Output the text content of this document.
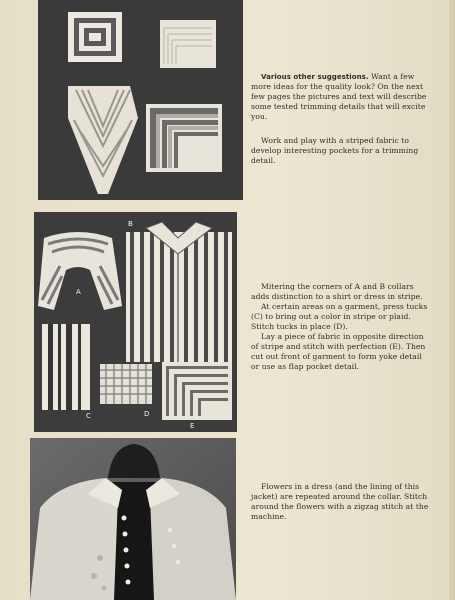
A
B
C	D
E
Various other suggestions. Want a few more ideas for the quality look? On the next few pages the pictures and text will describe some tested trimming details that will excite you.
Work and play with a striped fabric to develop interesting pockets for a trimming detail.

Mitering the corners of A and B collars adds distinction to a shirt or dress in stripe.

At certain areas on a garment, press tucks (C) to bring out a color in stripe or plaid. Stitch tucks in place (D).

Lay a piece of fabric in opposite direction of stripe and stitch with perfection (E). Then cut out front of garment to form yoke detail or use as flap pocket detail.

Flowers in a dress (and the lining of this jacket) are repeated around the collar. Stitch around the flowers with a zigzag stitch at the machine.
